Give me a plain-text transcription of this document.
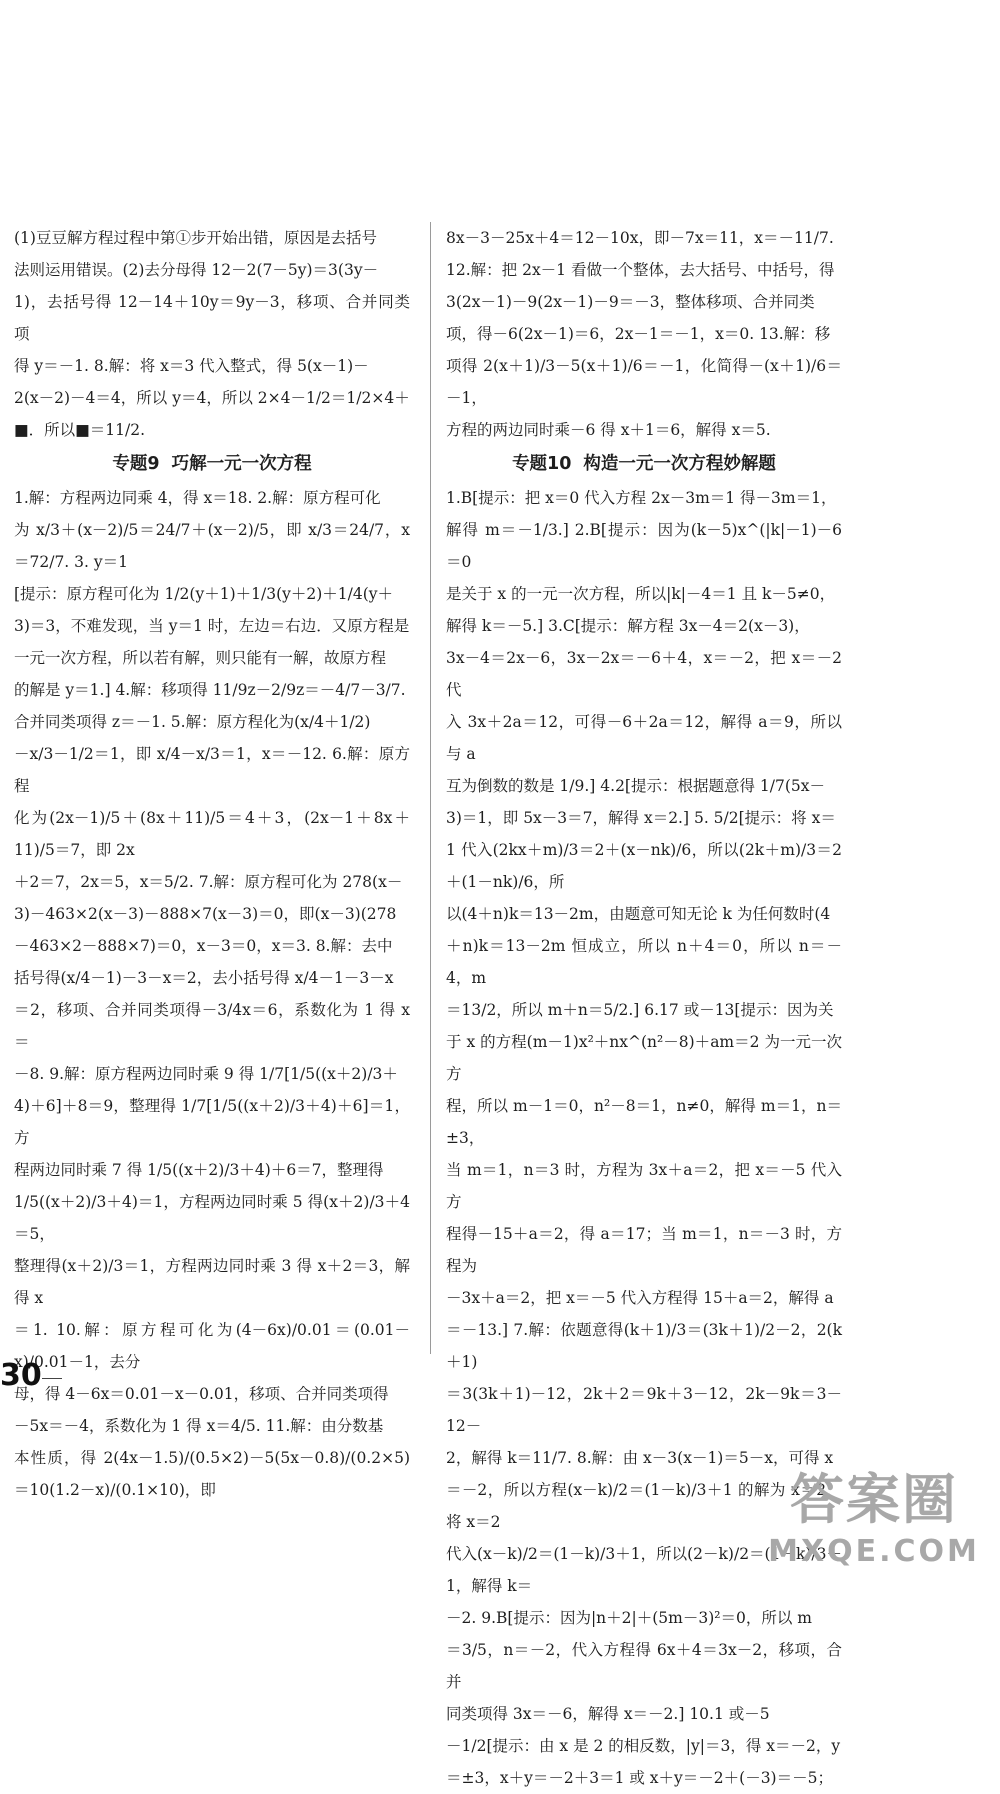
(1)豆豆解方程过程中第①步开始出错，原因是去括号
法则运用错误。(2)去分母得 12－2(7－5y)＝3(3y－
1)，去括号得 12－14＋10y＝9y－3，移项、合并同类项
得 y＝－1. 8.解：将 x＝3 代入整式，得 5(x－1)－
2(x－2)－4＝4，所以 y＝4，所以 2×4－1/2＝1/2×4＋
■．所以■＝11/2.
专题9 巧解一元一次方程
1.解：方程两边同乘 4，得 x＝18. 2.解：原方程可化
为 x/3＋(x－2)/5＝24/7＋(x－2)/5，即 x/3＝24/7，x＝72/7. 3. y＝1
[提示：原方程可化为 1/2(y＋1)＋1/3(y＋2)＋1/4(y＋
3)＝3，不难发现，当 y＝1 时，左边＝右边．又原方程是
一元一次方程，所以若有解，则只能有一解，故原方程
的解是 y＝1.] 4.解：移项得 11/9z－2/9z＝－4/7－3/7.
合并同类项得 z＝－1. 5.解：原方程化为(x/4＋1/2)
－x/3－1/2＝1，即 x/4－x/3＝1，x＝－12. 6.解：原方程
化为(2x－1)/5＋(8x＋11)/5＝4＋3，(2x－1＋8x＋11)/5＝7，即 2x
＋2＝7，2x＝5，x＝5/2. 7.解：原方程可化为 278(x－
3)－463×2(x－3)－888×7(x－3)＝0，即(x－3)(278
－463×2－888×7)＝0，x－3＝0，x＝3. 8.解：去中
括号得(x/4－1)－3－x＝2，去小括号得 x/4－1－3－x
＝2，移项、合并同类项得－3/4x＝6，系数化为 1 得 x＝
－8. 9.解：原方程两边同时乘 9 得 1/7[1/5((x＋2)/3＋
4)＋6]＋8＝9，整理得 1/7[1/5((x＋2)/3＋4)＋6]＝1，方
程两边同时乘 7 得 1/5((x＋2)/3＋4)＋6＝7，整理得
1/5((x＋2)/3＋4)＝1，方程两边同时乘 5 得(x＋2)/3＋4＝5，
整理得(x＋2)/3＝1，方程两边同时乘 3 得 x＋2＝3，解得 x
＝1. 10.解：原方程可化为(4－6x)/0.01＝(0.01－x)/0.01－1，去分
母，得 4－6x＝0.01－x－0.01，移项、合并同类项得
－5x＝－4，系数化为 1 得 x＝4/5. 11.解：由分数基
本性质，得 2(4x－1.5)/(0.5×2)－5(5x－0.8)/(0.2×5)＝10(1.2－x)/(0.1×10)，即
8x－3－25x＋4＝12－10x，即－7x＝11，x＝－11/7.
12.解：把 2x－1 看做一个整体，去大括号、中括号，得
3(2x－1)－9(2x－1)－9＝－3，整体移项、合并同类
项，得－6(2x－1)＝6，2x－1＝－1，x＝0. 13.解：移
项得 2(x＋1)/3－5(x＋1)/6＝－1，化简得－(x＋1)/6＝－1，
方程的两边同时乘－6 得 x＋1＝6，解得 x＝5.
专题10 构造一元一次方程妙解题
1.B[提示：把 x＝0 代入方程 2x－3m＝1 得－3m＝1，
解得 m＝－1/3.] 2.B[提示：因为(k－5)x^(|k|－1)－6＝0
是关于 x 的一元一次方程，所以|k|－4＝1 且 k－5≠0，
解得 k＝－5.] 3.C[提示：解方程 3x－4＝2(x－3)，
3x－4＝2x－6，3x－2x＝－6＋4，x＝－2，把 x＝－2 代
入 3x＋2a＝12，可得－6＋2a＝12，解得 a＝9，所以与 a
互为倒数的数是 1/9.] 4.2[提示：根据题意得 1/7(5x－
3)＝1，即 5x－3＝7，解得 x＝2.] 5. 5/2[提示：将 x＝
1 代入(2kx＋m)/3＝2＋(x－nk)/6，所以(2k＋m)/3＝2＋(1－nk)/6，所
以(4＋n)k＝13－2m，由题意可知无论 k 为任何数时(4
＋n)k＝13－2m 恒成立，所以 n＋4＝0，所以 n＝－4，m
＝13/2，所以 m＋n＝5/2.] 6.17 或－13[提示：因为关
于 x 的方程(m－1)x²＋nx^(n²－8)＋am＝2 为一元一次方
程，所以 m－1＝0，n²－8＝1，n≠0，解得 m＝1，n＝±3，
当 m＝1，n＝3 时，方程为 3x＋a＝2，把 x＝－5 代入方
程得－15＋a＝2，得 a＝17；当 m＝1，n＝－3 时，方程为
－3x＋a＝2，把 x＝－5 代入方程得 15＋a＝2，解得 a
＝－13.] 7.解：依题意得(k＋1)/3＝(3k＋1)/2－2，2(k＋1)
＝3(3k＋1)－12，2k＋2＝9k＋3－12，2k－9k＝3－12－
2，解得 k＝11/7. 8.解：由 x－3(x－1)＝5－x，可得 x
＝－2，所以方程(x－k)/2＝(1－k)/3＋1 的解为 x＝2，将 x＝2
代入(x－k)/2＝(1－k)/3＋1，所以(2－k)/2＝(1－k)/3＋1，解得 k＝
－2. 9.B[提示：因为|n＋2|＋(5m－3)²＝0，所以 m
＝3/5，n＝－2，代入方程得 6x＋4＝3x－2，移项，合并
同类项得 3x＝－6，解得 x＝－2.] 10.1 或－5
－1/2[提示：由 x 是 2 的相反数，|y|＝3，得 x＝－2，y
＝±3，x＋y＝－2＋3＝1 或 x＋y＝－2＋(－3)＝－5；
30
答案圈
MXQE.COM
